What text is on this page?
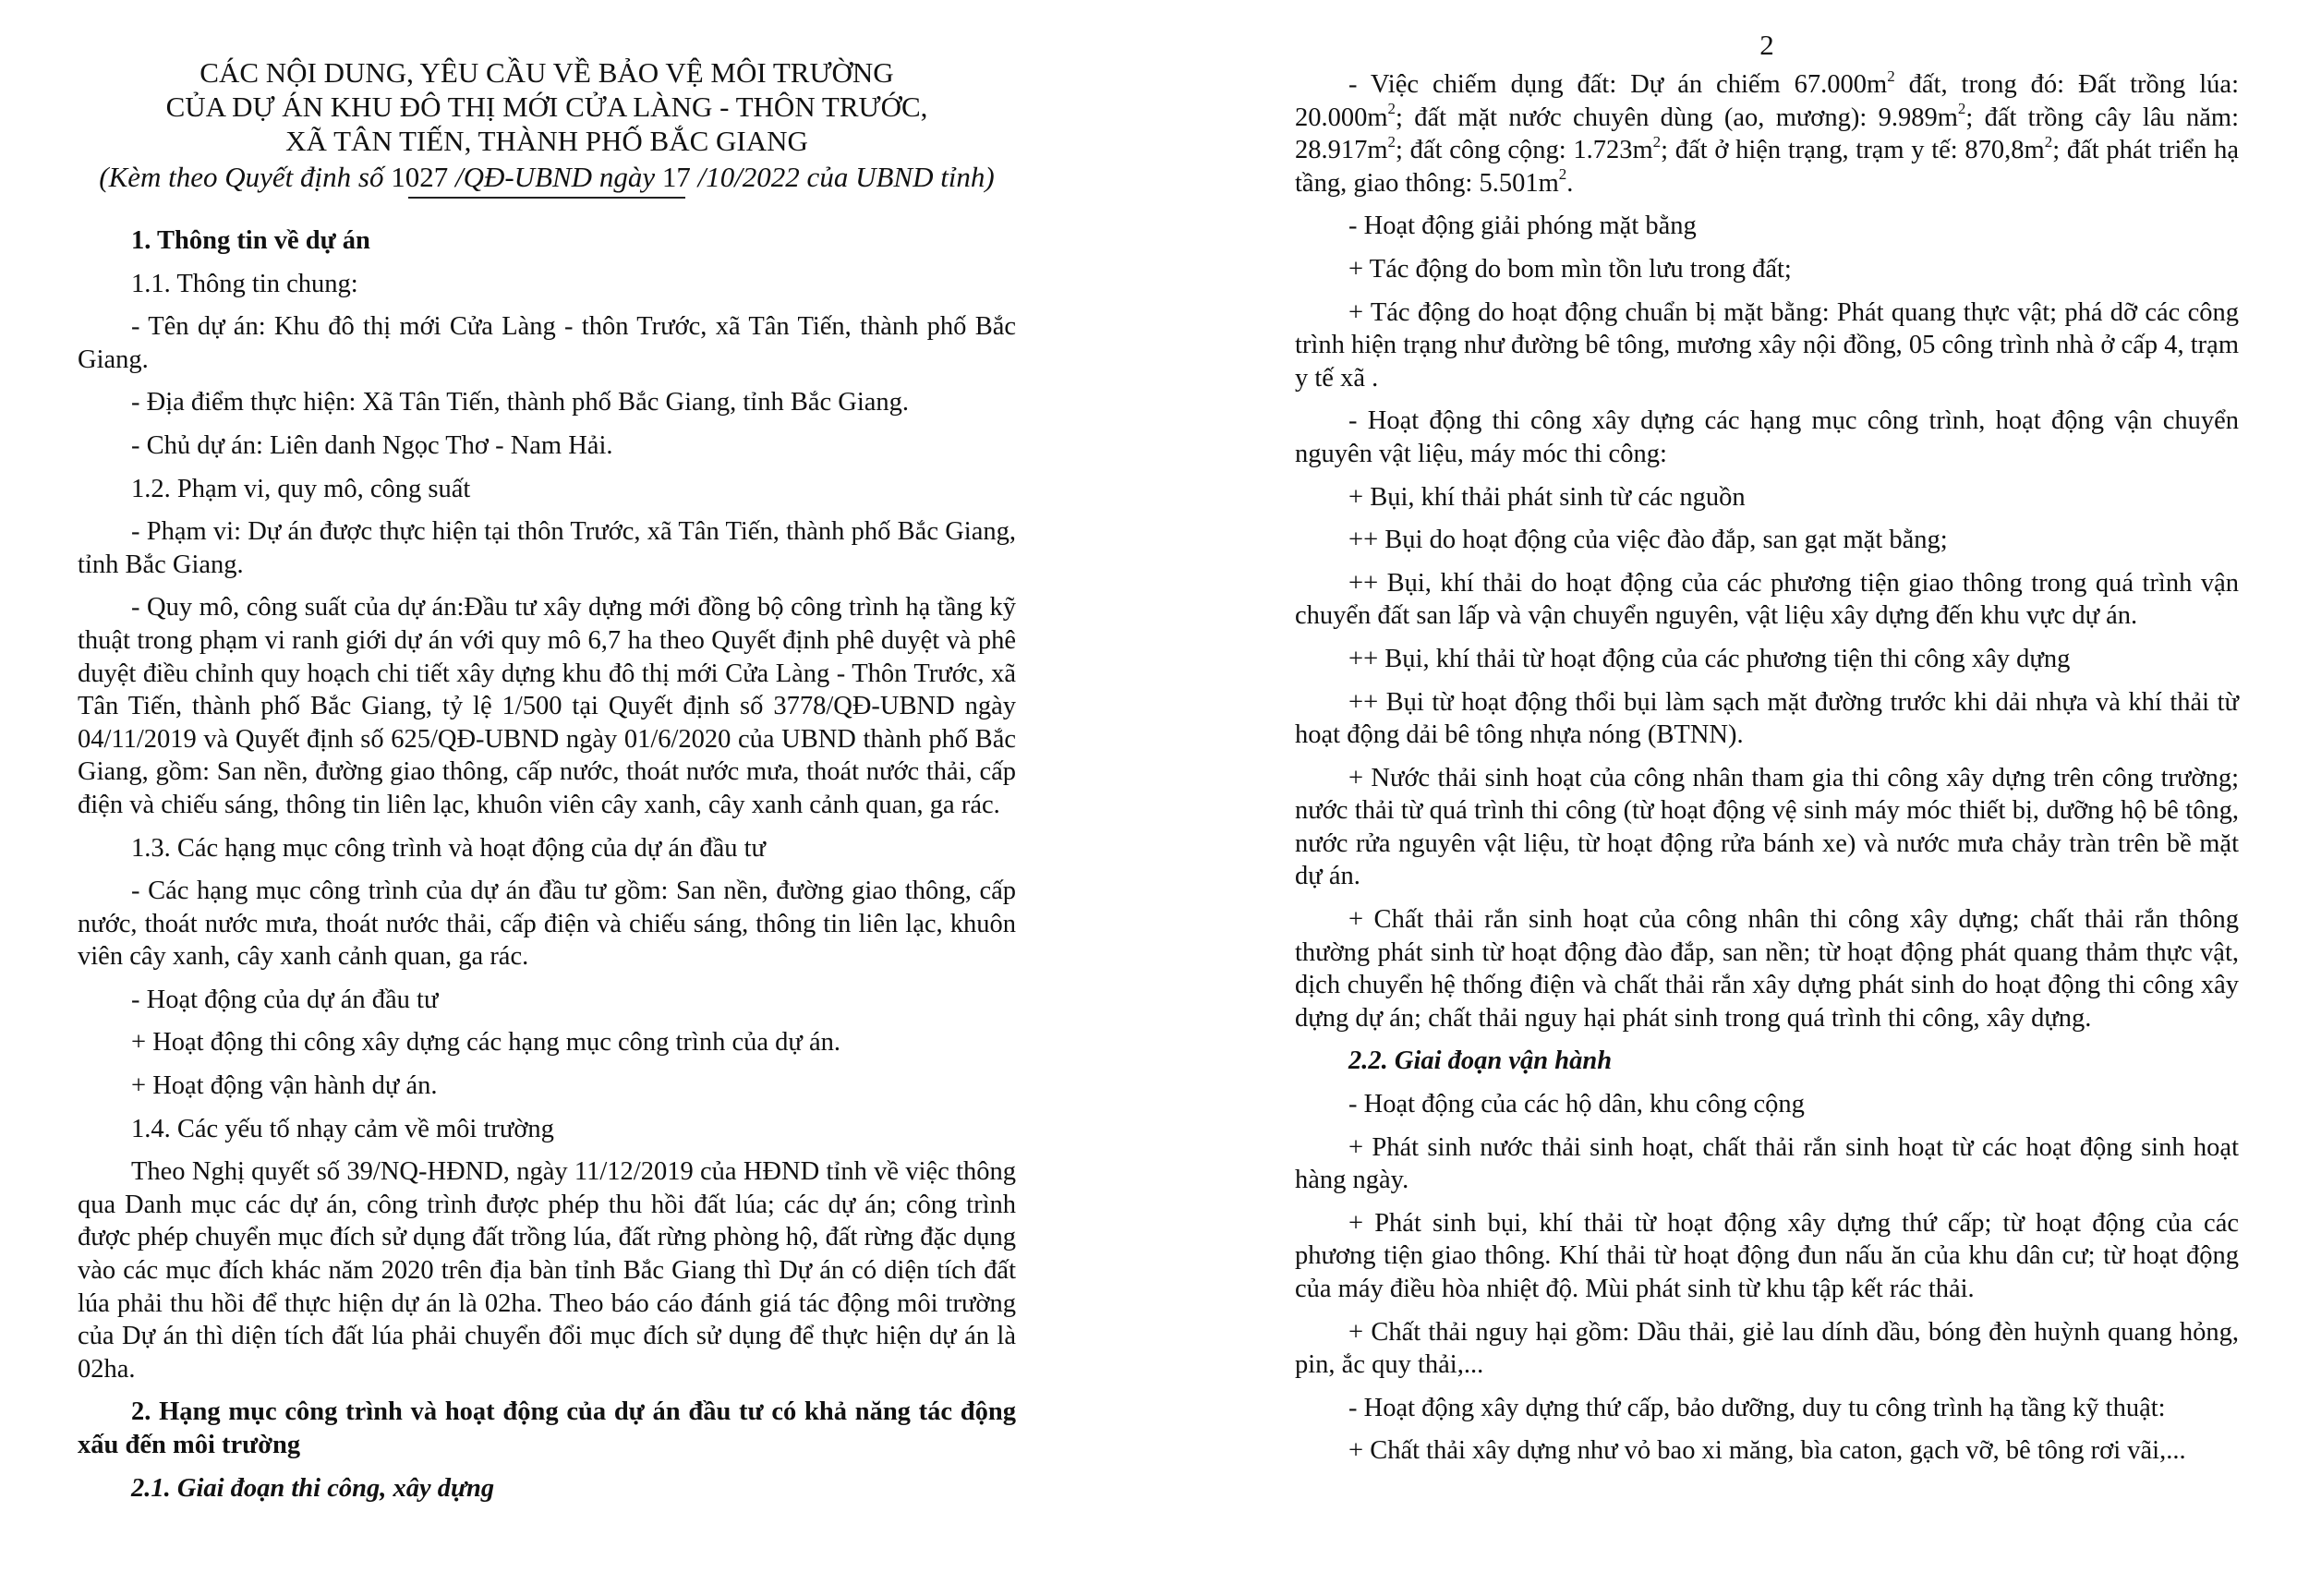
CÁC NỘI DUNG, YÊU CẦU VỀ BẢO VỆ MÔI TRƯỜNG
CỦA DỰ ÁN KHU ĐÔ THỊ MỚI CỬA LÀNG - THÔN TRƯỚC,
XÃ TÂN TIẾN, THÀNH PHỐ BẮC GIANG
(Kèm theo Quyết định số 1027 /QĐ-UBND ngày 17 /10/2022 của UBND tỉnh)

1. Thông tin về dự án

1.1. Thông tin chung:

- Tên dự án: Khu đô thị mới Cửa Làng - thôn Trước, xã Tân Tiến, thành phố Bắc Giang.

- Địa điểm thực hiện: Xã Tân Tiến, thành phố Bắc Giang, tỉnh Bắc Giang.

- Chủ dự án: Liên danh Ngọc Thơ - Nam Hải.

1.2. Phạm vi, quy mô, công suất

- Phạm vi: Dự án được thực hiện tại thôn Trước, xã Tân Tiến, thành phố Bắc Giang, tỉnh Bắc Giang.

- Quy mô, công suất của dự án:Đầu tư xây dựng mới đồng bộ công trình hạ tầng kỹ thuật trong phạm vi ranh giới dự án với quy mô 6,7 ha theo Quyết định phê duyệt và phê duyệt điều chỉnh quy hoạch chi tiết xây dựng khu đô thị mới Cửa Làng - Thôn Trước, xã Tân Tiến, thành phố Bắc Giang, tỷ lệ 1/500 tại Quyết định số 3778/QĐ-UBND ngày 04/11/2019 và Quyết định số 625/QĐ-UBND ngày 01/6/2020 của UBND thành phố Bắc Giang, gồm: San nền, đường giao thông, cấp nước, thoát nước mưa, thoát nước thải, cấp điện và chiếu sáng, thông tin liên lạc, khuôn viên cây xanh, cây xanh cảnh quan, ga rác.

1.3. Các hạng mục công trình và hoạt động của dự án đầu tư

- Các hạng mục công trình của dự án đầu tư gồm: San nền, đường giao thông, cấp nước, thoát nước mưa, thoát nước thải, cấp điện và chiếu sáng, thông tin liên lạc, khuôn viên cây xanh, cây xanh cảnh quan, ga rác.

- Hoạt động của dự án đầu tư

+ Hoạt động thi công xây dựng các hạng mục công trình của dự án.

+ Hoạt động vận hành dự án.

1.4. Các yếu tố nhạy cảm về môi trường

Theo Nghị quyết số 39/NQ-HĐND, ngày 11/12/2019 của HĐND tỉnh về việc thông qua Danh mục các dự án, công trình được phép thu hồi đất lúa; các dự án; công trình được phép chuyển mục đích sử dụng đất trồng lúa, đất rừng phòng hộ, đất rừng đặc dụng vào các mục đích khác năm 2020 trên địa bàn tỉnh Bắc Giang thì Dự án có diện tích đất lúa phải thu hồi để thực hiện dự án là 02ha. Theo báo cáo đánh giá tác động môi trường của Dự án thì diện tích đất lúa phải chuyển đổi mục đích sử dụng để thực hiện dự án là 02ha.

2. Hạng mục công trình và hoạt động của dự án đầu tư có khả năng tác động xấu đến môi trường

2.1. Giai đoạn thi công, xây dựng

2

- Việc chiếm dụng đất: Dự án chiếm $67.000m^2$ đất, trong đó: Đất trồng lúa: $20.000m^2$; đất mặt nước chuyên dùng (ao, mương): $9.989m^2$; đất trồng cây lâu năm: $28.917m^2$; đất công cộng: $1.723m^2$; đất ở hiện trạng, trạm y tế: $870,8m^2$; đất phát triển hạ tầng, giao thông: $5.501m^2$.

- Hoạt động giải phóng mặt bằng

+ Tác động do bom mìn tồn lưu trong đất;

+ Tác động do hoạt động chuẩn bị mặt bằng: Phát quang thực vật; phá dỡ các công trình hiện trạng như đường bê tông, mương xây nội đồng, 05 công trình nhà ở cấp 4, trạm y tế xã .

- Hoạt động thi công xây dựng các hạng mục công trình, hoạt động vận chuyển nguyên vật liệu, máy móc thi công:

+ Bụi, khí thải phát sinh từ các nguồn

++ Bụi do hoạt động của việc đào đắp, san gạt mặt bằng;

++ Bụi, khí thải do hoạt động của các phương tiện giao thông trong quá trình vận chuyển đất san lấp và vận chuyển nguyên, vật liệu xây dựng đến khu vực dự án.

++ Bụi, khí thải từ hoạt động của các phương tiện thi công xây dựng

++ Bụi từ hoạt động thổi bụi làm sạch mặt đường trước khi dải nhựa và khí thải từ hoạt động dải bê tông nhựa nóng (BTNN).

+ Nước thải sinh hoạt của công nhân tham gia thi công xây dựng trên công trường; nước thải từ quá trình thi công (từ hoạt động vệ sinh máy móc thiết bị, dưỡng hộ bê tông, nước rửa nguyên vật liệu, từ hoạt động rửa bánh xe) và nước mưa chảy tràn trên bề mặt dự án.

+ Chất thải rắn sinh hoạt của công nhân thi công xây dựng; chất thải rắn thông thường phát sinh từ hoạt động đào đắp, san nền; từ hoạt động phát quang thảm thực vật, dịch chuyển hệ thống điện và chất thải rắn xây dựng phát sinh do hoạt động thi công xây dựng dự án; chất thải nguy hại phát sinh trong quá trình thi công, xây dựng.

2.2. Giai đoạn vận hành

- Hoạt động của các hộ dân, khu công cộng

+ Phát sinh nước thải sinh hoạt, chất thải rắn sinh hoạt từ các hoạt động sinh hoạt hàng ngày.

+ Phát sinh bụi, khí thải từ hoạt động xây dựng thứ cấp; từ hoạt động của các phương tiện giao thông. Khí thải từ hoạt động đun nấu ăn của khu dân cư; từ hoạt động của máy điều hòa nhiệt độ. Mùi phát sinh từ khu tập kết rác thải.

+ Chất thải nguy hại gồm: Dầu thải, giẻ lau dính dầu, bóng đèn huỳnh quang hỏng, pin, ắc quy thải,...

- Hoạt động xây dựng thứ cấp, bảo dưỡng, duy tu công trình hạ tầng kỹ thuật:

+ Chất thải xây dựng như vỏ bao xi măng, bìa caton, gạch vỡ, bê tông rơi vãi,...
